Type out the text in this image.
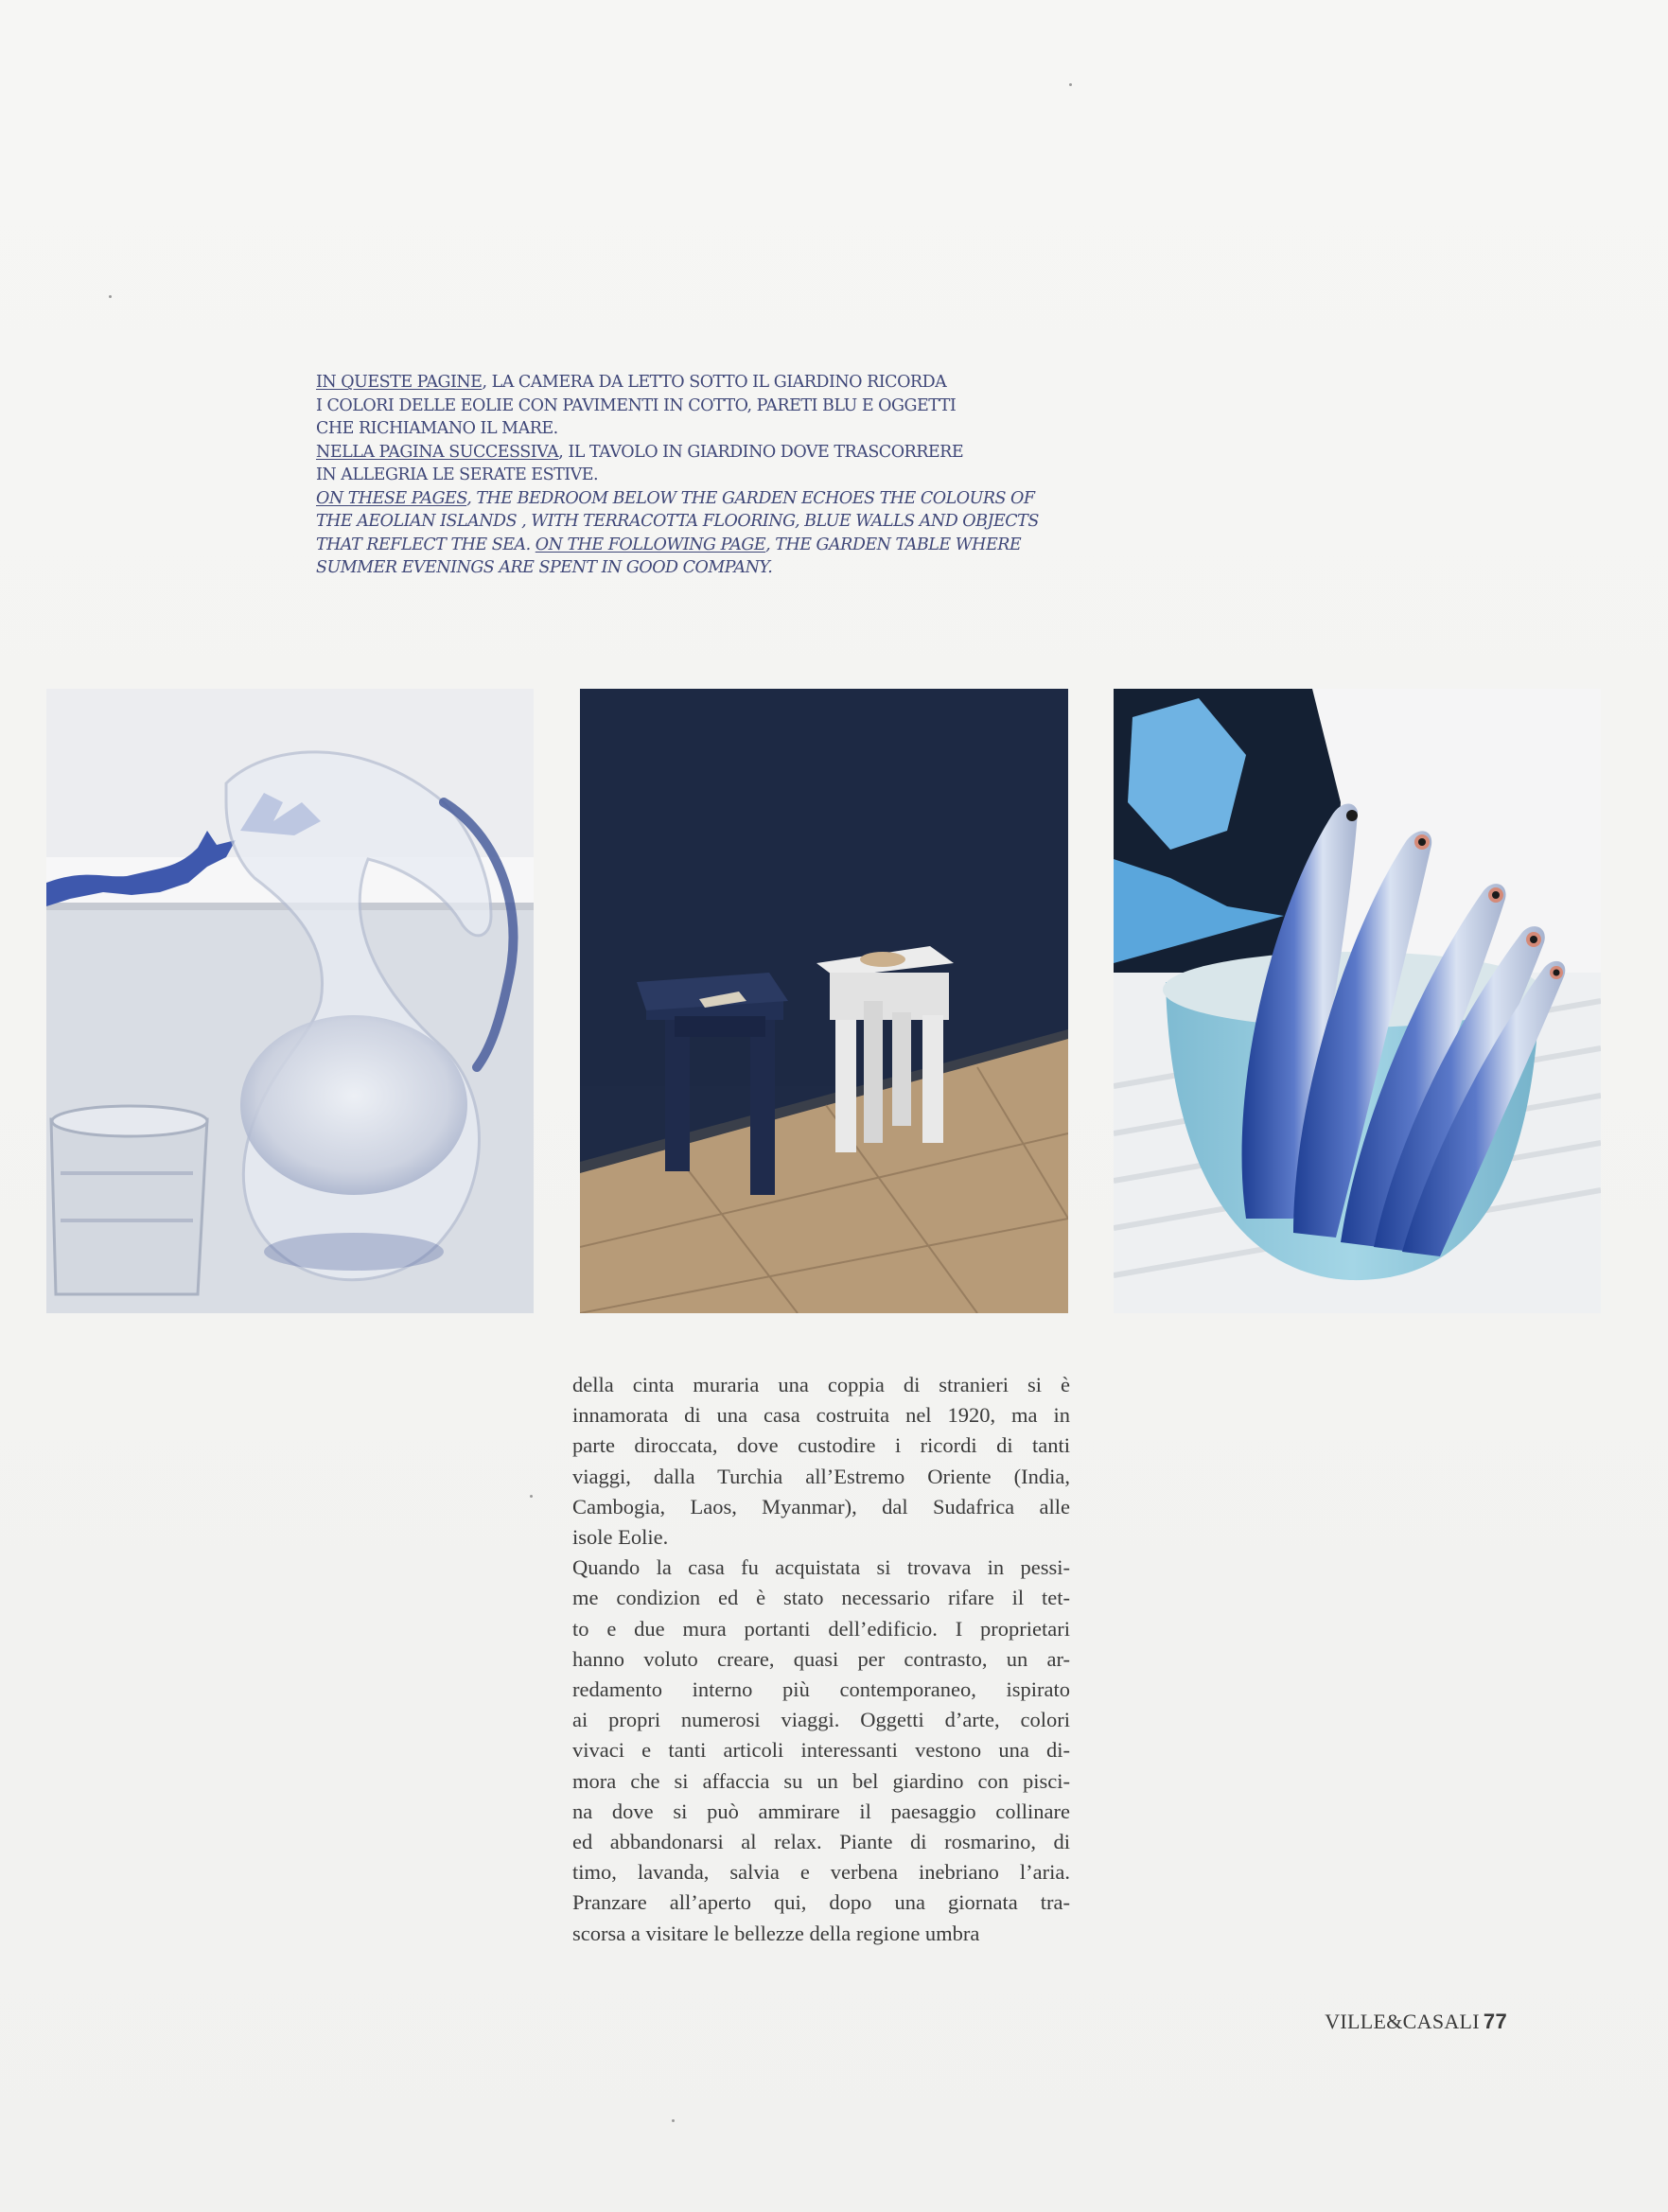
IN QUESTE PAGINE, LA CAMERA DA LETTO SOTTO IL GIARDINO RICORDA
I COLORI DELLE EOLIE CON PAVIMENTI IN COTTO, PARETI BLU E OGGETTI
CHE RICHIAMANO IL MARE.
NELLA PAGINA SUCCESSIVA, IL TAVOLO IN GIARDINO DOVE TRASCORRERE
IN ALLEGRIA LE SERATE ESTIVE.
ON THESE PAGES, THE BEDROOM BELOW THE GARDEN ECHOES THE COLOURS OF
THE AEOLIAN ISLANDS , WITH TERRACOTTA FLOORING, BLUE WALLS AND OBJECTS
THAT REFLECT THE SEA. ON THE FOLLOWING PAGE, THE GARDEN TABLE WHERE
SUMMER EVENINGS ARE SPENT IN GOOD COMPANY.
della cinta muraria una coppia di stranieri si è
innamorata di una casa costruita nel 1920, ma in
parte diroccata, dove custodire i ricordi di tanti
viaggi, dalla Turchia all’Estremo Oriente (India,
Cambogia, Laos, Myanmar), dal Sudafrica alle
isole Eolie.
Quando la casa fu acquistata si trovava in pessi-
me condizion ed è stato necessario rifare il tet-
to e due mura portanti dell’edificio. I proprietari
hanno voluto creare, quasi per contrasto, un ar-
redamento interno più contemporaneo, ispirato
ai propri numerosi viaggi. Oggetti d’arte, colori
vivaci e tanti articoli interessanti vestono una di-
mora che si affaccia su un bel giardino con pisci-
na dove si può ammirare il paesaggio collinare
ed abbandonarsi al relax. Piante di rosmarino, di
timo, lavanda, salvia e verbena inebriano l’aria.
Pranzare all’aperto qui, dopo una giornata tra-
scorsa a visitare le bellezze della regione umbra
VILLE&CASALI 77
